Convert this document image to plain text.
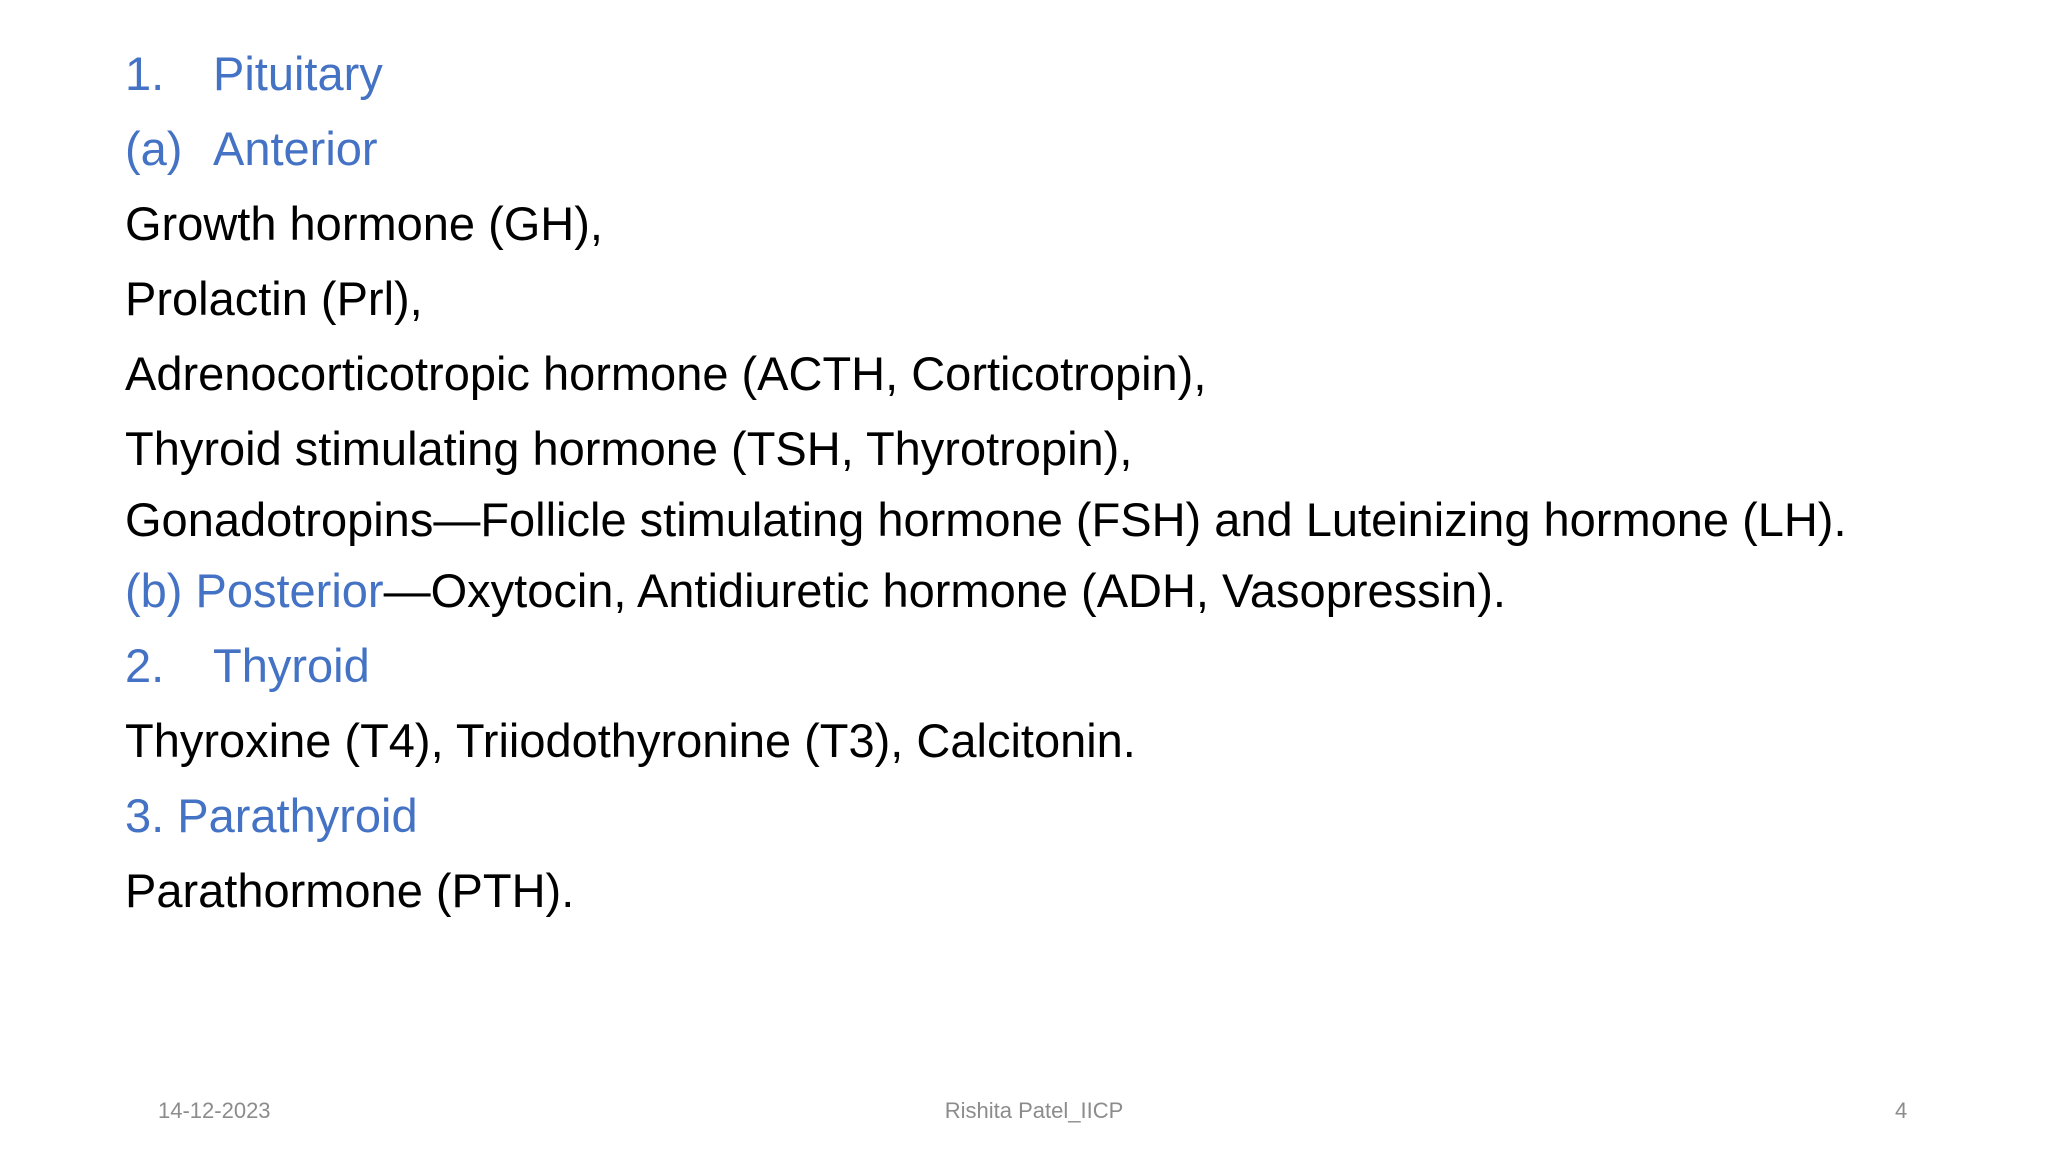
1. Pituitary
(a) Anterior
Growth hormone (GH),
Prolactin (Prl),
Adrenocorticotropic hormone (ACTH, Corticotropin),
Thyroid stimulating hormone (TSH, Thyrotropin),
Gonadotropins—Follicle stimulating hormone (FSH) and Luteinizing hormone (LH).
(b) Posterior—Oxytocin, Antidiuretic hormone (ADH, Vasopressin).
2. Thyroid
Thyroxine (T4), Triiodothyronine (T3), Calcitonin.
3. Parathyroid
Parathormone (PTH).
14-12-2023	Rishita Patel_IICP	4
